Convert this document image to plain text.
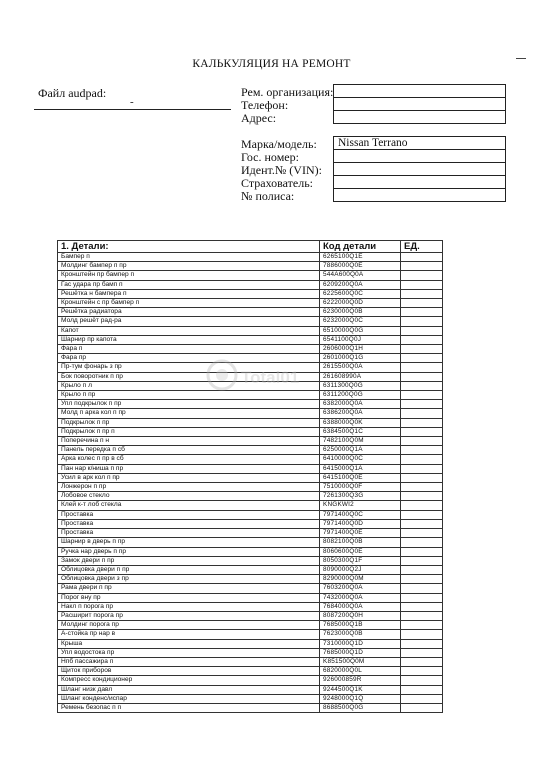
КАЛЬКУЛЯЦИЯ НА РЕМОНТ
Файл audpad:
-
Рем. организация:
Телефон:
Адрес:

Марка/модель:
Гос. номер:
Идент.№ (VIN):
Страхователь:
№ полиса:
Nissan Terrano

1. Детали:	Код детали	ЕД.
Бампер п	6265100Q1E	
Молдинг бампер п пр	7886000Q0E	
Кронштейн пр бампер п	544A600Q0A	
Гас удара пр бамп п	6209200Q0A	
Решётка н бампера п	6225600Q0C	
Кронштейн с пр бампер п	6222000Q0D	
Решётка радиатора	6230000Q0B	
Молд решёт рад-ра	6232000Q0C	
Капот	6510000Q0G	
Шарнир пр капота	6541100Q0J	
Фара п	2606000Q1H	
Фара пр	2601000Q1G	
Пр-тум фонарь з пр	2615500Q0A	
Бок поворотник п пр	261608990A	
Крыло п л	6311300Q0G	
Крыло п пр	6311200Q0G	
Упл подкрылок п пр	6382000Q0A	
Молд п арка кол п пр	6386200Q0A	
Подкрылок п пр	6388000Q0K	
Подкрылок п пр п	6384500Q1C	
Поперечина п н	7482100Q0M	
Панель передка п сб	6250000Q1A	
Арка колес п пр в сб	6410000Q0C	
Пан нар к/ниша п пр	6415000Q1A	
Усил в арк кол п пр	6415100Q0E	
Лонжерон п пр	7510000Q0F	
Лобовое стекло	7261300Q3G	
Клей к-т лоб стекла	KNGKWI2	
Проставка	7971400Q0C	
Проставка	7971400Q0D	
Проставка	7971400Q0E	
Шарнир в дверь п пр	8082100Q0B	
Ручка нар дверь п пр	8060600Q0E	
Замок двери п пр	8050300Q1F	
Облицовка двери п пр	8090000Q2J	
Облицовка двери з пр	8290000Q0M	
Рама двери п пр	7603200Q0A	
Порог вну пр	7432000Q0A	
Накл п порога пр	7684000Q0A	
Расширит порога пр	8087200Q0H	
Молдинг порога пр	7685000Q1B	
А-стойка пр нар в	7623000Q0B	
Крыша	7310000Q1D	
Упл водостока пр	7685000Q1D	
Нпб пассажира п	K851500Q0M	
Щиток приборов	6820000Q0L	
Компресс кондиционер	926000859R	
Шланг низк давл	9244500Q1K	
Шланг конденс/испар	9248000Q1Q	
Ремень безопас п п	8688500Q0G	
Total01
